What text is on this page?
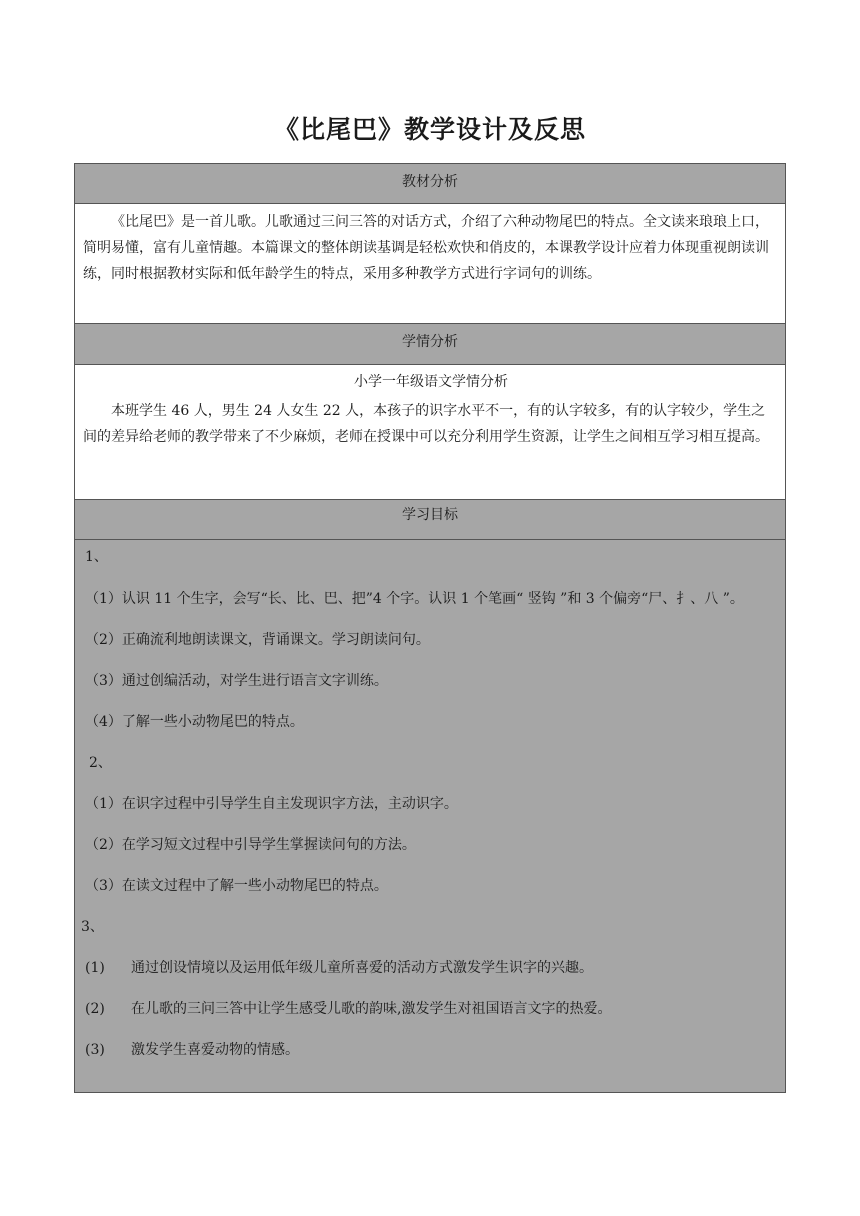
《比尾巴》教学设计及反思
教材分析

《比尾巴》是一首儿歌。儿歌通过三问三答的对话方式，介绍了六种动物尾巴的特点。全文读来琅琅上口，简明易懂，富有儿童情趣。本篇课文的整体朗读基调是轻松欢快和俏皮的，本课教学设计应着力体现重视朗读训练，同时根据教材实际和低年龄学生的特点，采用多种教学方式进行字词句的训练。

学情分析

小学一年级语文学情分析

本班学生 46 人，男生 24 人女生 22 人，本孩子的识字水平不一，有的认字较多，有的认字较少，学生之间的差异给老师的教学带来了不少麻烦，老师在授课中可以充分利用学生资源，让学生之间相互学习相互提高。

学习目标

1、

（1）认识 11 个生字，会写“长、比、巴、把”4 个字。认识 1 个笔画“ 竖钩 ”和 3 个偏旁“尸、扌、八 ”。

（2）正确流利地朗读课文，背诵课文。学习朗读问句。

（3）通过创编活动，对学生进行语言文字训练。

（4）了解一些小动物尾巴的特点。

2、

（1）在识字过程中引导学生自主发现识字方法，主动识字。

（2）在学习短文过程中引导学生掌握读问句的方法。

（3）在读文过程中了解一些小动物尾巴的特点。

3、

(1) 通过创设情境以及运用低年级儿童所喜爱的活动方式激发学生识字的兴趣。

(2) 在儿歌的三问三答中让学生感受儿歌的韵味,激发学生对祖国语言文字的热爱。

(3) 激发学生喜爱动物的情感。
